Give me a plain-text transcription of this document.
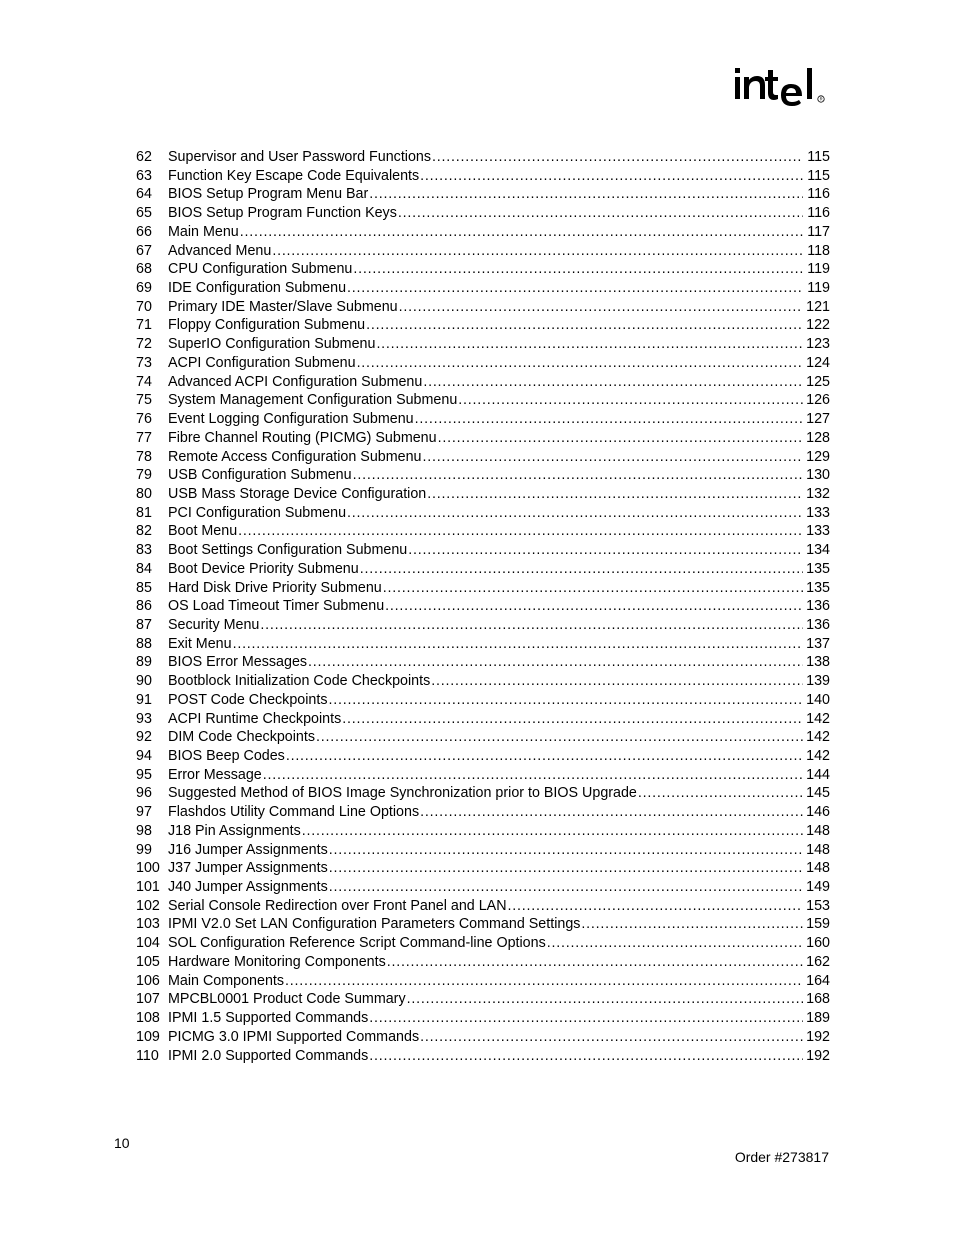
R
62	Supervisor and User Password Functions . . .	115
63	Function Key Escape Code Equivalents . . .	115
64	BIOS Setup Program Menu Bar . . .	116
65	BIOS Setup Program Function Keys . . .	116
66	Main Menu . . .	117
67	Advanced Menu . . .	118
68	CPU Configuration Submenu . . .	119
69	IDE Configuration Submenu . . .	119
70	Primary IDE Master/Slave Submenu . . .	121
71	Floppy Configuration Submenu . . .	122
72	SuperIO Configuration Submenu . . .	123
73	ACPI Configuration Submenu . . .	124
74	Advanced ACPI Configuration Submenu . . .	125
75	System Management Configuration Submenu . . .	126
76	Event Logging Configuration Submenu . . .	127
77	Fibre Channel Routing (PICMG) Submenu . . .	128
78	Remote Access Configuration Submenu . . .	129
79	USB Configuration Submenu . . .	130
80	USB Mass Storage Device Configuration . . .	132
81	PCI Configuration Submenu . . .	133
82	Boot Menu . . .	133
83	Boot Settings Configuration Submenu . . .	134
84	Boot Device Priority Submenu . . .	135
85	Hard Disk Drive Priority Submenu . . .	135
86	OS Load Timeout Timer Submenu . . .	136
87	Security Menu . . .	136
88	Exit Menu . . .	137
89	BIOS Error Messages . . .	138
90	Bootblock Initialization Code Checkpoints . . .	139
91	POST Code Checkpoints . . .	140
93	ACPI Runtime Checkpoints . . .	142
92	DIM Code Checkpoints . . .	142
94	BIOS Beep Codes . . .	142
95	Error Message . . .	144
96	Suggested Method of BIOS Image Synchronization prior to BIOS Upgrade . . .	145
97	Flashdos Utility Command Line Options . . .	146
98	J18 Pin Assignments . . .	148
99	J16 Jumper Assignments . . .	148
100 J37 Jumper Assignments . . .	148
101 J40 Jumper Assignments . . .	149
102 Serial Console Redirection over Front Panel and LAN . . .	153
103 IPMI V2.0 Set LAN Configuration Parameters Command Settings . . .	159
104 SOL Configuration Reference Script Command-line Options . . .	160
105 Hardware Monitoring Components . . .	162
106 Main Components . . .	164
107 MPCBL0001 Product Code Summary . . .	168
108 IPMI 1.5 Supported Commands . . .	189
109 PICMG 3.0 IPMI Supported Commands . . .	192
110 IPMI 2.0 Supported Commands . . .	192
10
Order #273817
